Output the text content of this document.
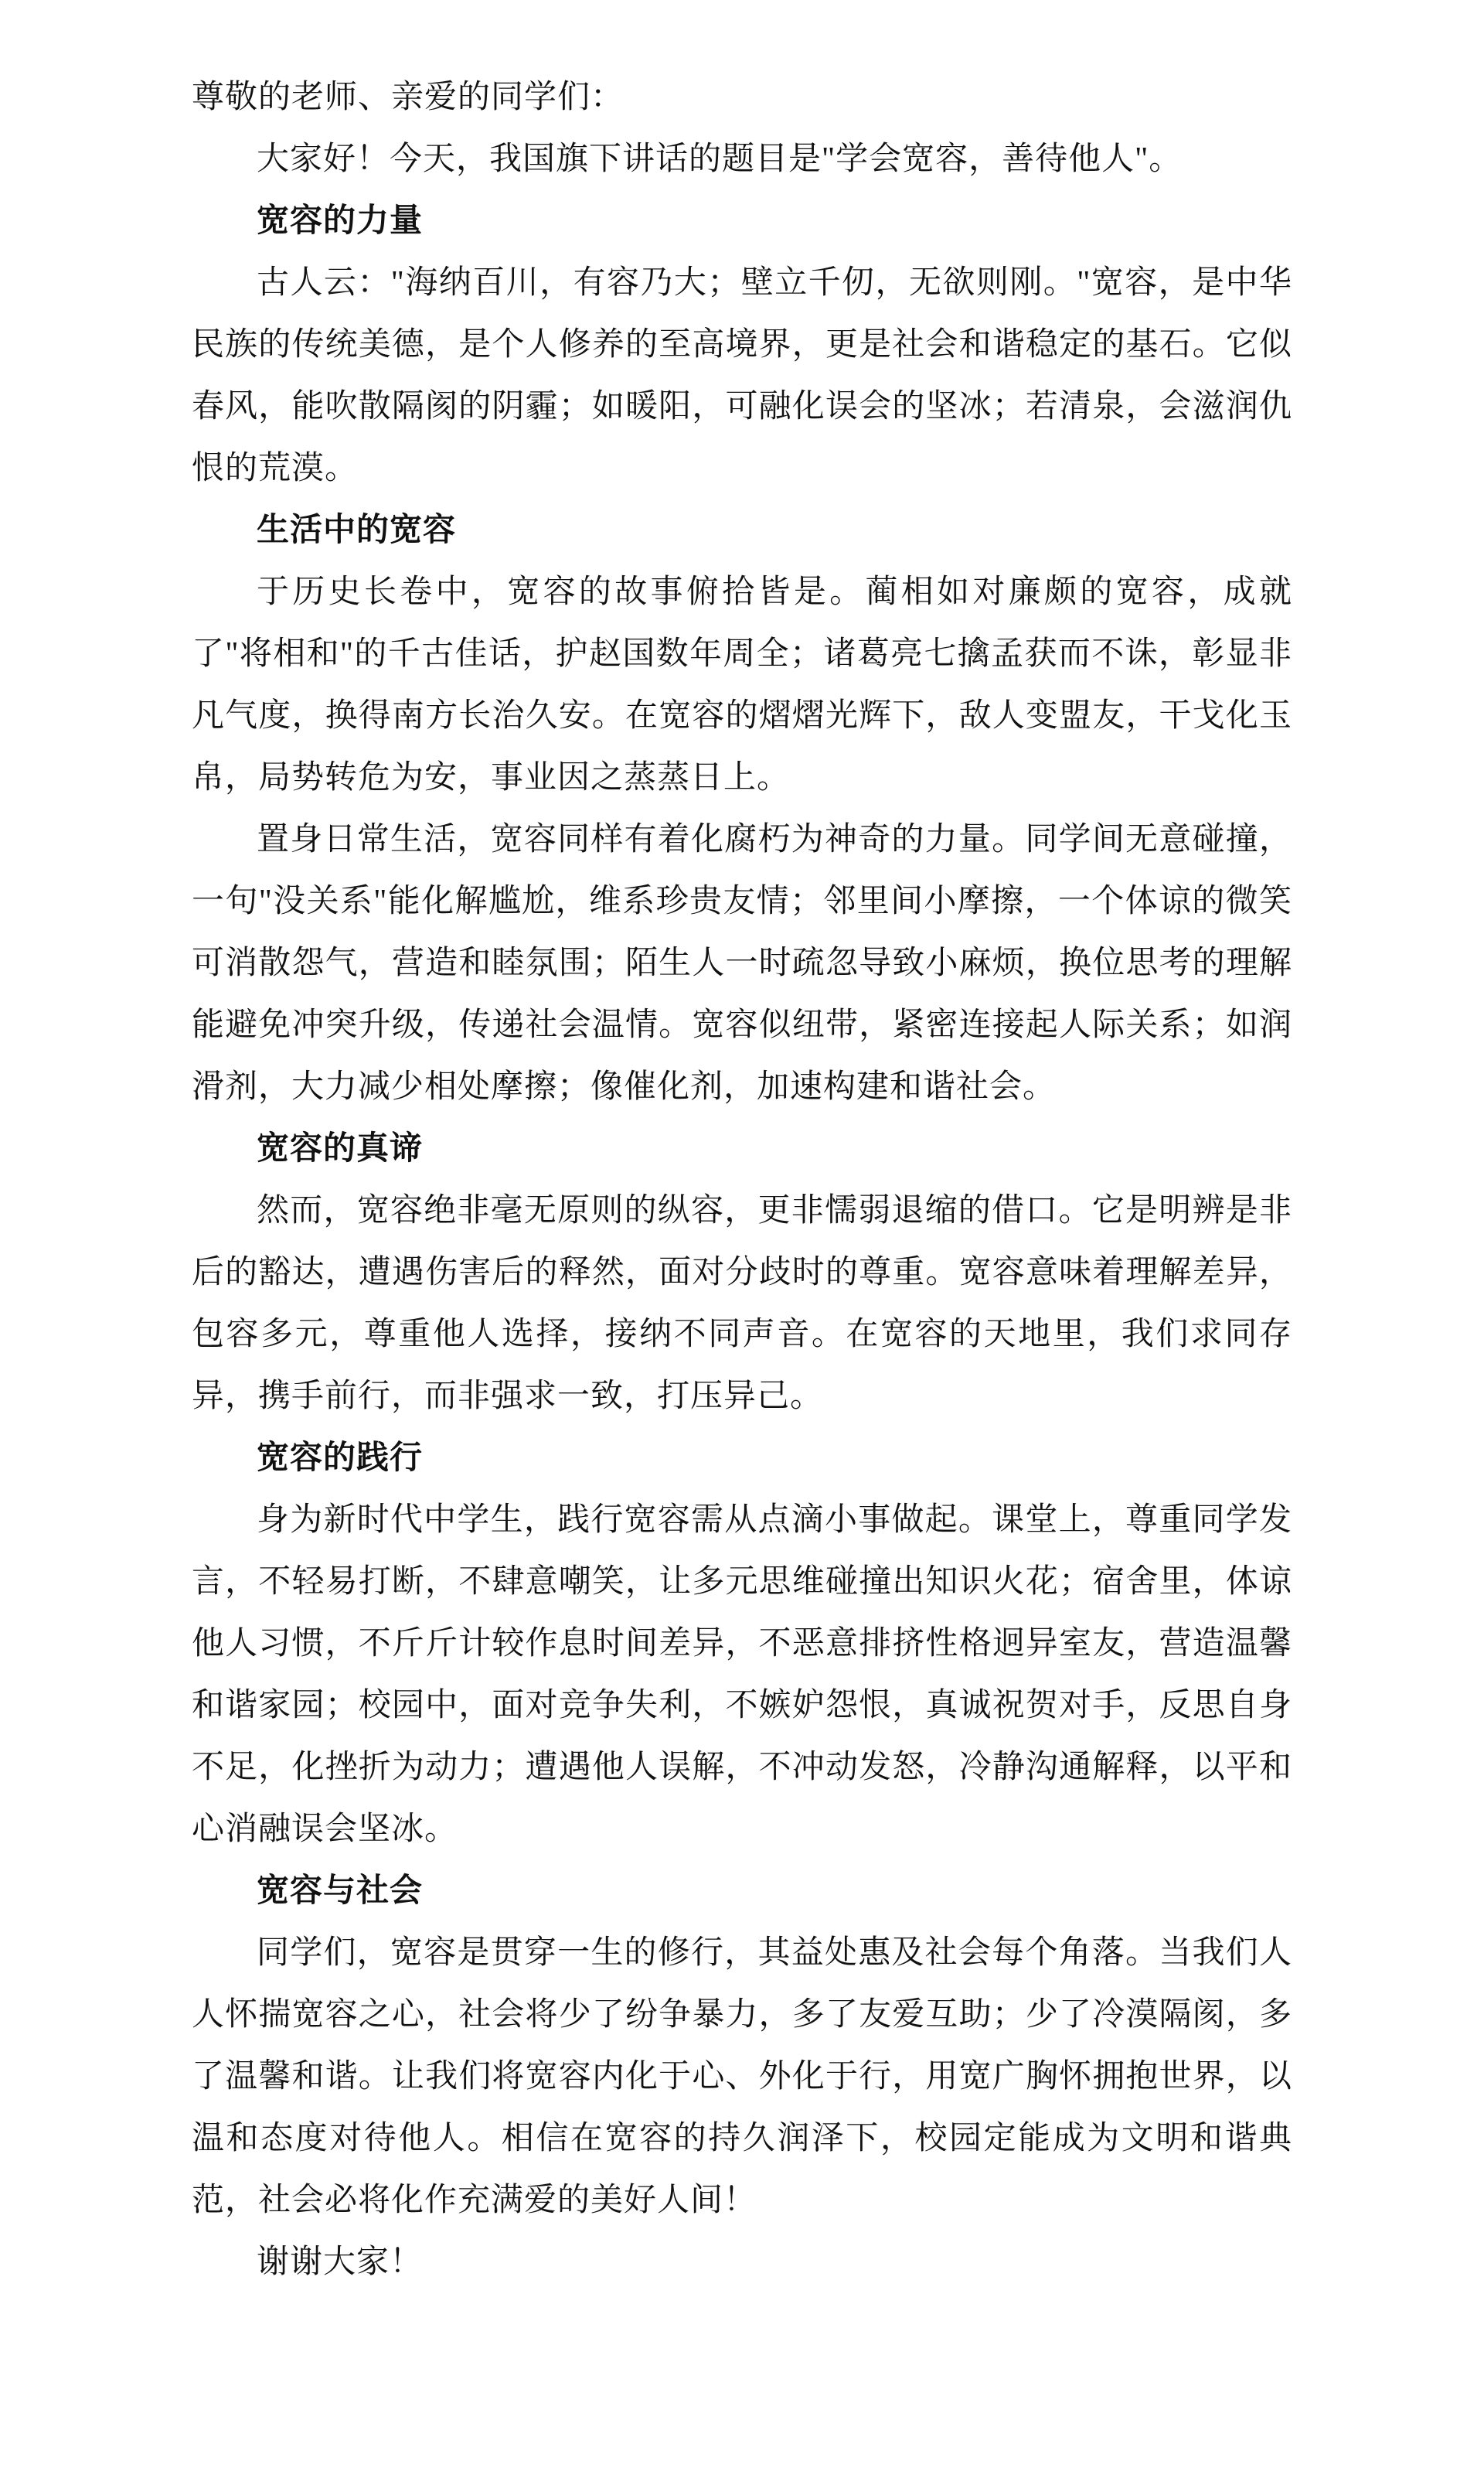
尊敬的老师、亲爱的同学们：

大家好！今天，我国旗下讲话的题目是"学会宽容，善待他人"。

宽容的力量

古人云："海纳百川，有容乃大；壁立千仞，无欲则刚。"宽容，是中华民族的传统美德，是个人修养的至高境界，更是社会和谐稳定的基石。它似春风，能吹散隔阂的阴霾；如暖阳，可融化误会的坚冰；若清泉，会滋润仇恨的荒漠。

生活中的宽容

于历史长卷中，宽容的故事俯拾皆是。蔺相如对廉颇的宽容，成就了"将相和"的千古佳话，护赵国数年周全；诸葛亮七擒孟获而不诛，彰显非凡气度，换得南方长治久安。在宽容的熠熠光辉下，敌人变盟友，干戈化玉帛，局势转危为安，事业因之蒸蒸日上。

置身日常生活，宽容同样有着化腐朽为神奇的力量。同学间无意碰撞，一句"没关系"能化解尴尬，维系珍贵友情；邻里间小摩擦，一个体谅的微笑可消散怨气，营造和睦氛围；陌生人一时疏忽导致小麻烦，换位思考的理解能避免冲突升级，传递社会温情。宽容似纽带，紧密连接起人际关系；如润滑剂，大力减少相处摩擦；像催化剂，加速构建和谐社会。

宽容的真谛

然而，宽容绝非毫无原则的纵容，更非懦弱退缩的借口。它是明辨是非后的豁达，遭遇伤害后的释然，面对分歧时的尊重。宽容意味着理解差异，包容多元，尊重他人选择，接纳不同声音。在宽容的天地里，我们求同存异，携手前行，而非强求一致，打压异己。

宽容的践行

身为新时代中学生，践行宽容需从点滴小事做起。课堂上，尊重同学发言，不轻易打断，不肆意嘲笑，让多元思维碰撞出知识火花；宿舍里，体谅他人习惯，不斤斤计较作息时间差异，不恶意排挤性格迥异室友，营造温馨和谐家园；校园中，面对竞争失利，不嫉妒怨恨，真诚祝贺对手，反思自身不足，化挫折为动力；遭遇他人误解，不冲动发怒，冷静沟通解释，以平和心消融误会坚冰。

宽容与社会

同学们，宽容是贯穿一生的修行，其益处惠及社会每个角落。当我们人人怀揣宽容之心，社会将少了纷争暴力，多了友爱互助；少了冷漠隔阂，多了温馨和谐。让我们将宽容内化于心、外化于行，用宽广胸怀拥抱世界，以温和态度对待他人。相信在宽容的持久润泽下，校园定能成为文明和谐典范，社会必将化作充满爱的美好人间！

谢谢大家！
